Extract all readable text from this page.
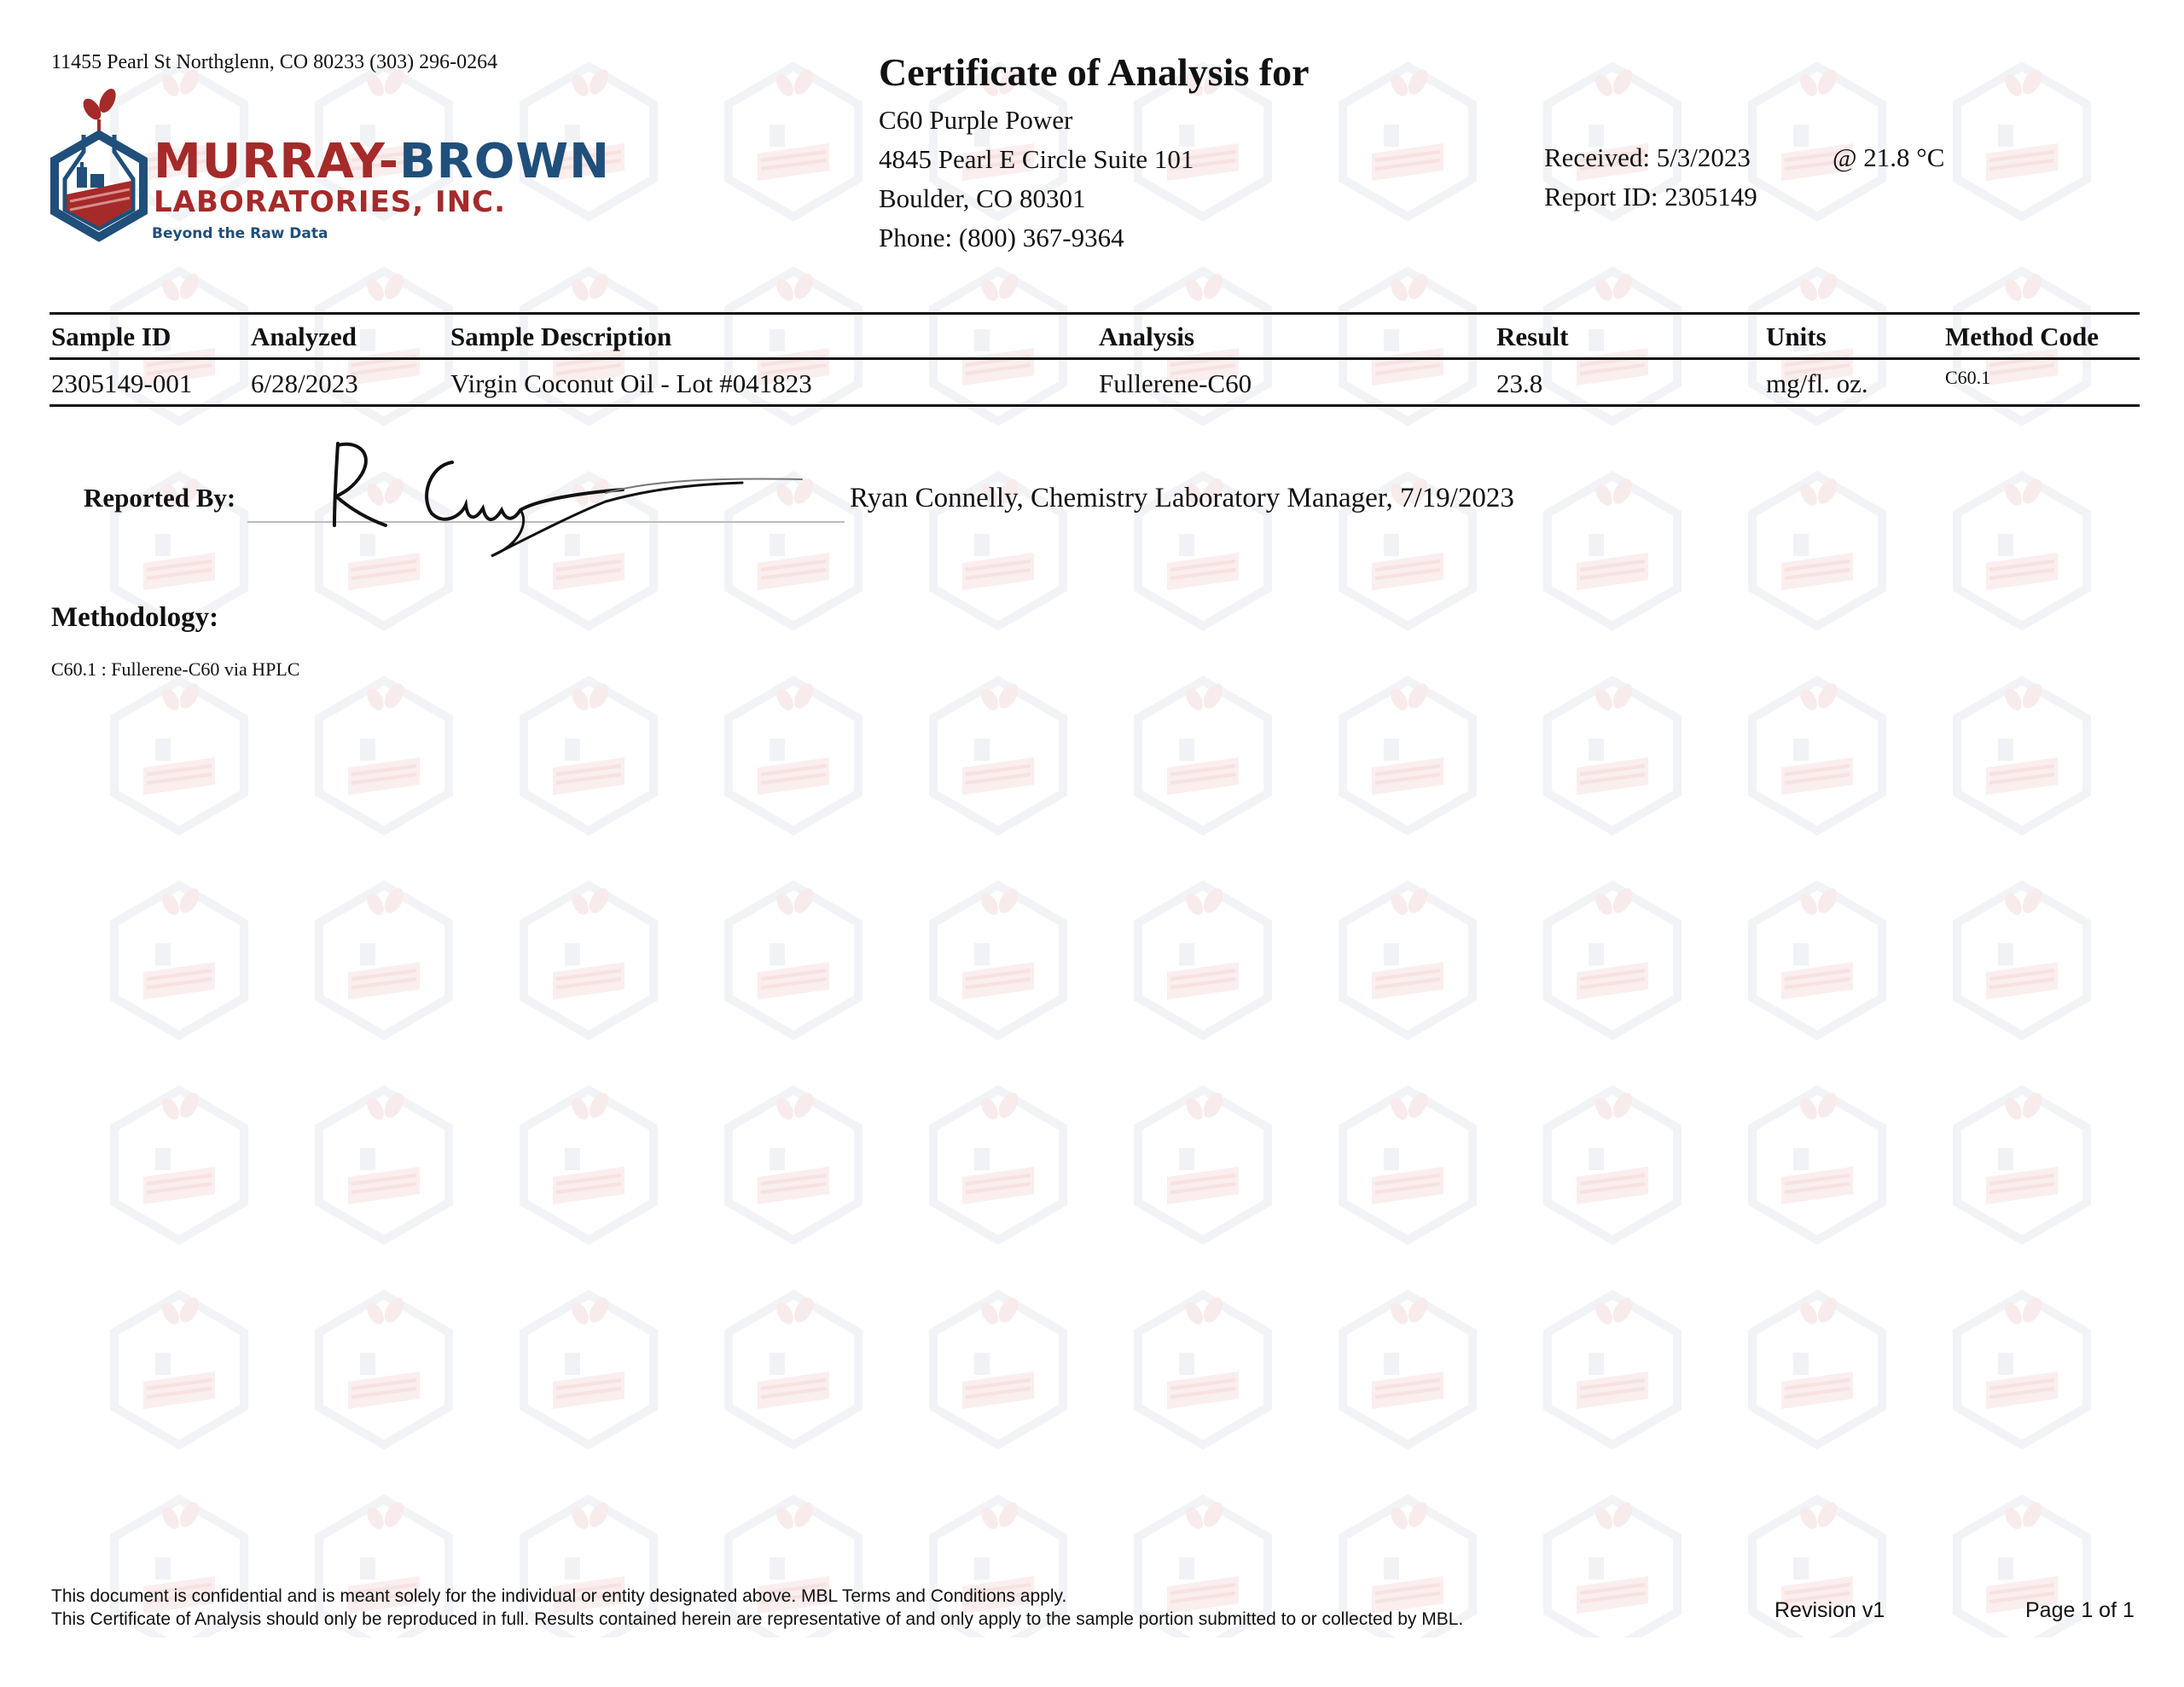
11455 Pearl St Northglenn, CO 80233 (303) 296-0264
MURRAY-BROWN
LABORATORIES, INC.
Beyond the Raw Data
Certificate of Analysis for
C60 Purple Power
4845 Pearl E Circle Suite 101
Boulder, CO 80301
Phone: (800) 367-9364
Received: 5/3/2023
Report ID: 2305149
@ 21.8 °C
Sample ID	Analyzed	Sample Description	Analysis	Result	Units	Method Code
2305149-001	6/28/2023	Virgin Coconut Oil - Lot #041823	Fullerene-C60	23.8	mg/fl. oz.	C60.1
Reported By:	Ryan Connelly, Chemistry Laboratory Manager, 7/19/2023
Methodology:
C60.1 : Fullerene-C60 via HPLC
This document is confidential and is meant solely for the individual or entity designated above. MBL Terms and Conditions apply.
This Certificate of Analysis should only be reproduced in full. Results contained herein are representative of and only apply to the sample portion submitted to or collected by MBL.	Revision v1	Page 1 of 1
